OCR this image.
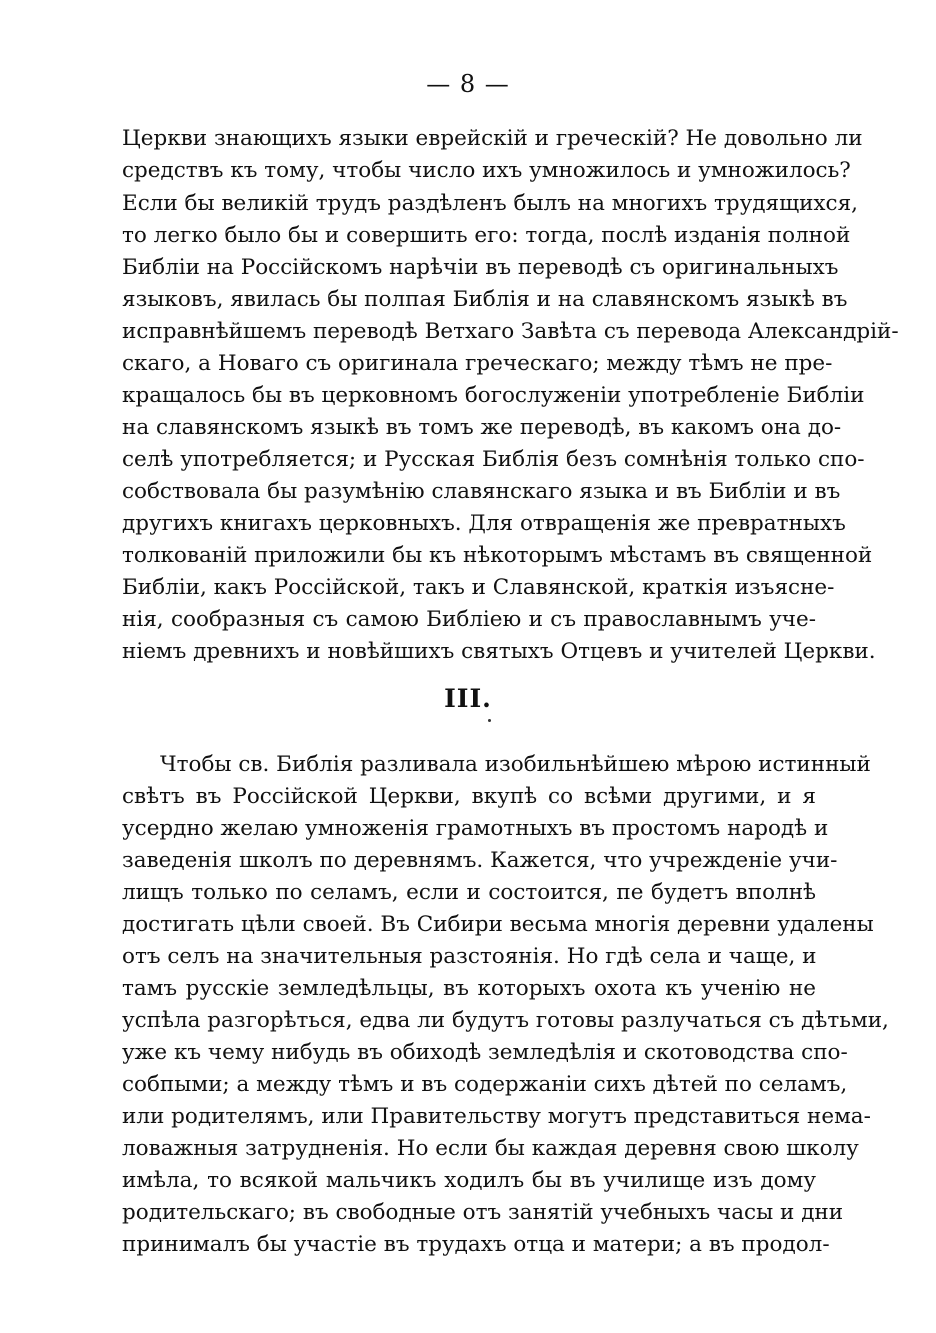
— 8 —
Церкви знающихъ языки еврейскій и греческій? Не довольно ли
средствъ къ тому, чтобы число ихъ умножилось и умножилось?
Если бы великій трудъ раздѣленъ былъ на многихъ трудящихся,
то легко было бы и совершить его: тогда, послѣ изданія полной
Библіи на Россійскомъ нарѣчіи въ переводѣ съ оригинальныхъ
языковъ, явилась бы полпая Библія и на славянскомъ языкѣ въ
исправнѣйшемъ переводѣ Ветхаго Завѣта съ перевода Александрій-
скаго, а Новаго съ оригинала греческаго; между тѣмъ не пре-
кращалось бы въ церковномъ богослуженіи употребленіе Библіи
на славянскомъ языкѣ въ томъ же переводѣ, въ какомъ она до-
селѣ употребляется; и Русская Библія безъ сомнѣнія только спо-
собствовала бы разумѣнію славянскаго языка и въ Библіи и въ
другихъ книгахъ церковныхъ. Для отвращенія же превратныхъ
толкованій приложили бы къ нѣкоторымъ мѣстамъ въ священной
Библіи, какъ Россійской, такъ и Славянской, краткія изъясне-
нія, сообразныя съ самою Библіею и съ православнымъ уче-
ніемъ древнихъ и новѣйшихъ святыхъ Отцевъ и учителей Церкви.
III.
Чтобы св. Библія разливала изобильнѣйшею мѣрою истинный
свѣтъ въ Россійской Церкви, вкупѣ со всѣми другими, и я
усердно желаю умноженія грамотныхъ въ простомъ народѣ и
заведенія школъ по деревнямъ. Кажется, что учрежденіе учи-
лищъ только по селамъ, если и состоится, пе будетъ вполнѣ
достигать цѣли своей. Въ Сибири весьма многія деревни удалены
отъ селъ на значительныя разстоянія. Но гдѣ села и чаще, и
тамъ русскіе земледѣльцы, въ которыхъ охота къ ученію не
успѣла разгорѣться, едва ли будутъ готовы разлучаться съ дѣтьми,
уже къ чему нибудь въ обиходѣ земледѣлія и скотоводства спо-
собпыми; а между тѣмъ и въ содержаніи сихъ дѣтей по селамъ,
или родителямъ, или Правительству могутъ представиться нема-
ловажныя затрудненія. Но если бы каждая деревня свою школу
имѣла, то всякой мальчикъ ходилъ бы въ училище изъ дому
родительскаго; въ свободные отъ занятій учебныхъ часы и дни
принималъ бы участіе въ трудахъ отца и матери; а въ продол-
